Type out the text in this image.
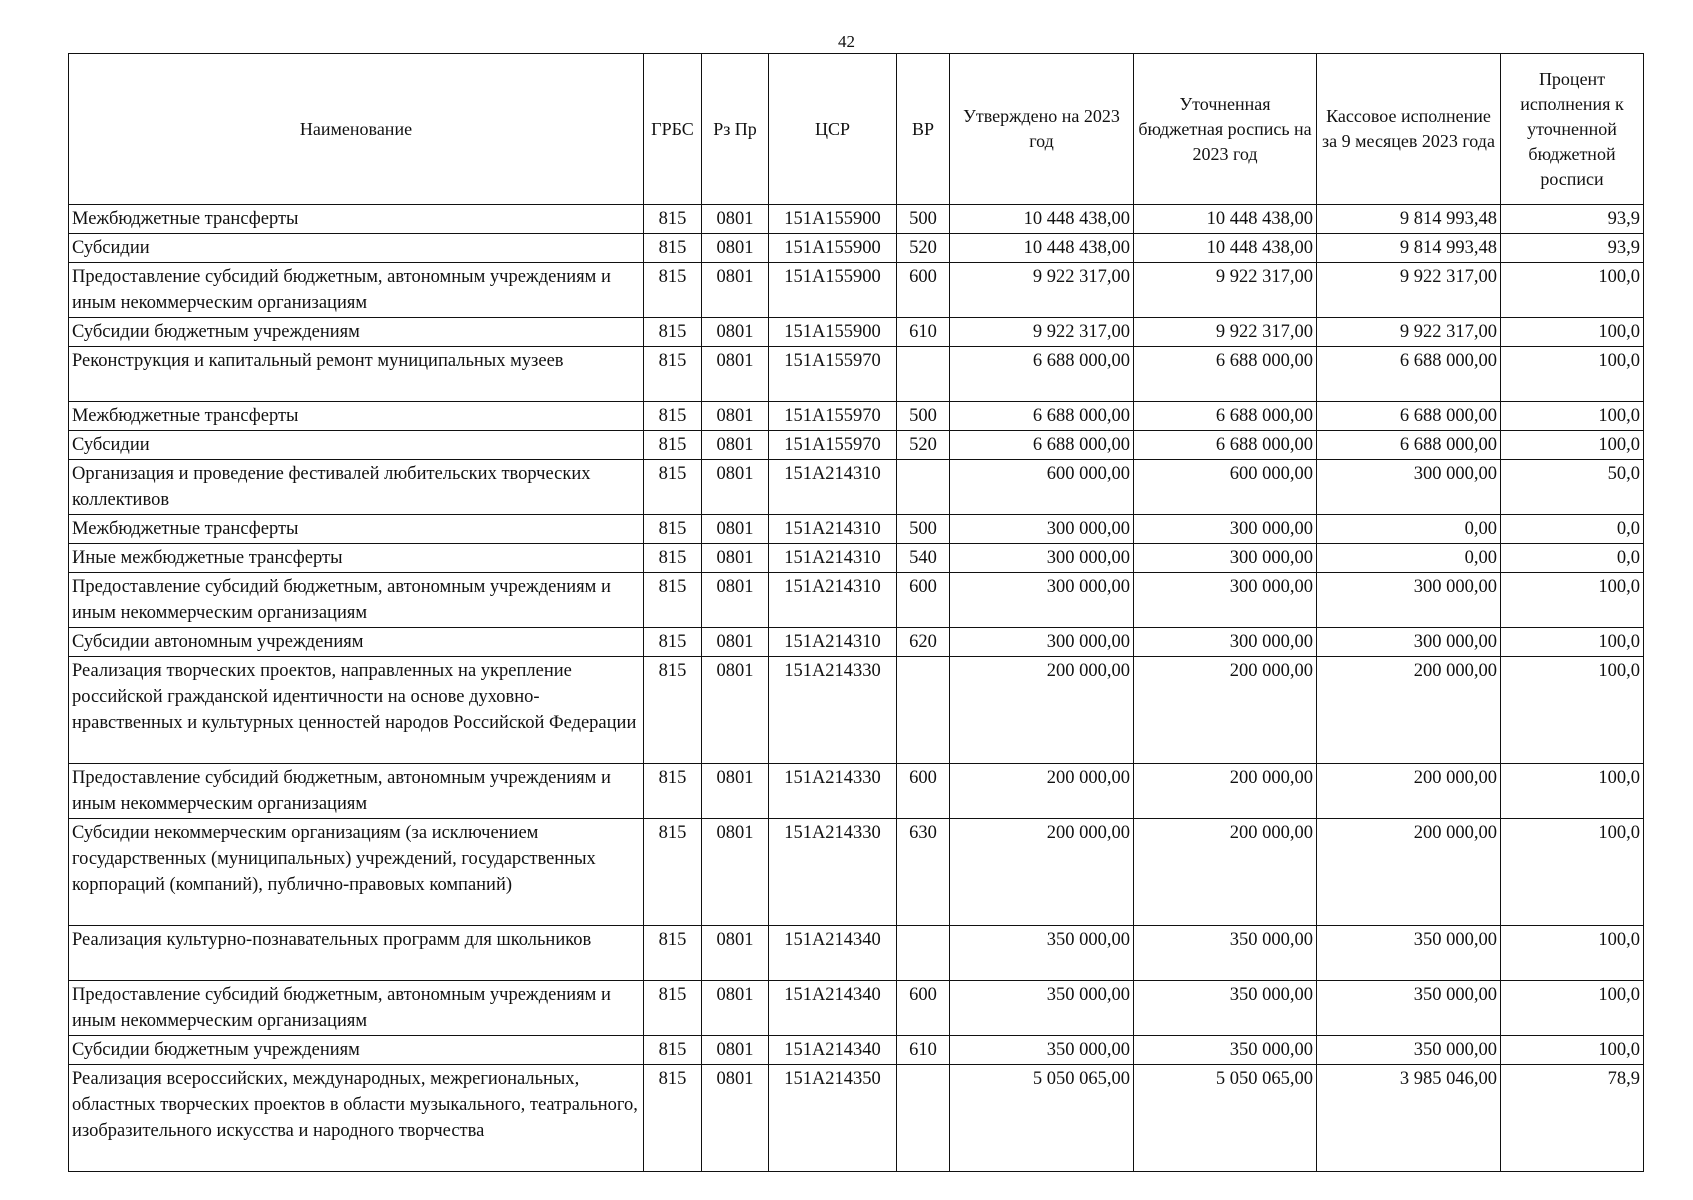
42
Наименование	ГРБС	Рз Пр	ЦСР	ВР	Утверждено на 2023 год	Уточненная бюджетная роспись на 2023 год	Кассовое исполнение за 9 месяцев 2023 года	Процент исполнения к уточненной бюджетной росписи
Межбюджетные трансферты	815	0801	151A155900	500	10 448 438,00	10 448 438,00	9 814 993,48	93,9
Субсидии	815	0801	151A155900	520	10 448 438,00	10 448 438,00	9 814 993,48	93,9
Предоставление субсидий бюджетным, автономным учреждениям и иным некоммерческим организациям	815	0801	151A155900	600	9 922 317,00	9 922 317,00	9 922 317,00	100,0
Субсидии бюджетным учреждениям	815	0801	151A155900	610	9 922 317,00	9 922 317,00	9 922 317,00	100,0
Реконструкция и капитальный ремонт муниципальных музеев	815	0801	151A155970		6 688 000,00	6 688 000,00	6 688 000,00	100,0
Межбюджетные трансферты	815	0801	151A155970	500	6 688 000,00	6 688 000,00	6 688 000,00	100,0
Субсидии	815	0801	151A155970	520	6 688 000,00	6 688 000,00	6 688 000,00	100,0
Организация и проведение фестивалей любительских творческих коллективов	815	0801	151A214310		600 000,00	600 000,00	300 000,00	50,0
Межбюджетные трансферты	815	0801	151A214310	500	300 000,00	300 000,00	0,00	0,0
Иные межбюджетные трансферты	815	0801	151A214310	540	300 000,00	300 000,00	0,00	0,0
Предоставление субсидий бюджетным, автономным учреждениям и иным некоммерческим организациям	815	0801	151A214310	600	300 000,00	300 000,00	300 000,00	100,0
Субсидии автономным учреждениям	815	0801	151A214310	620	300 000,00	300 000,00	300 000,00	100,0
Реализация творческих проектов, направленных на укрепление российской гражданской идентичности на основе духовно-нравственных и культурных ценностей народов Российской Федерации	815	0801	151A214330		200 000,00	200 000,00	200 000,00	100,0
Предоставление субсидий бюджетным, автономным учреждениям и иным некоммерческим организациям	815	0801	151A214330	600	200 000,00	200 000,00	200 000,00	100,0
Субсидии некоммерческим организациям (за исключением государственных (муниципальных) учреждений, государственных корпораций (компаний), публично-правовых компаний)	815	0801	151A214330	630	200 000,00	200 000,00	200 000,00	100,0
Реализация культурно-познавательных программ для школьников	815	0801	151A214340		350 000,00	350 000,00	350 000,00	100,0
Предоставление субсидий бюджетным, автономным учреждениям и иным некоммерческим организациям	815	0801	151A214340	600	350 000,00	350 000,00	350 000,00	100,0
Субсидии бюджетным учреждениям	815	0801	151A214340	610	350 000,00	350 000,00	350 000,00	100,0
Реализация всероссийских, международных, межрегиональных, областных творческих проектов в области музыкального, театрального, изобразительного искусства и народного творчества	815	0801	151A214350		5 050 065,00	5 050 065,00	3 985 046,00	78,9
